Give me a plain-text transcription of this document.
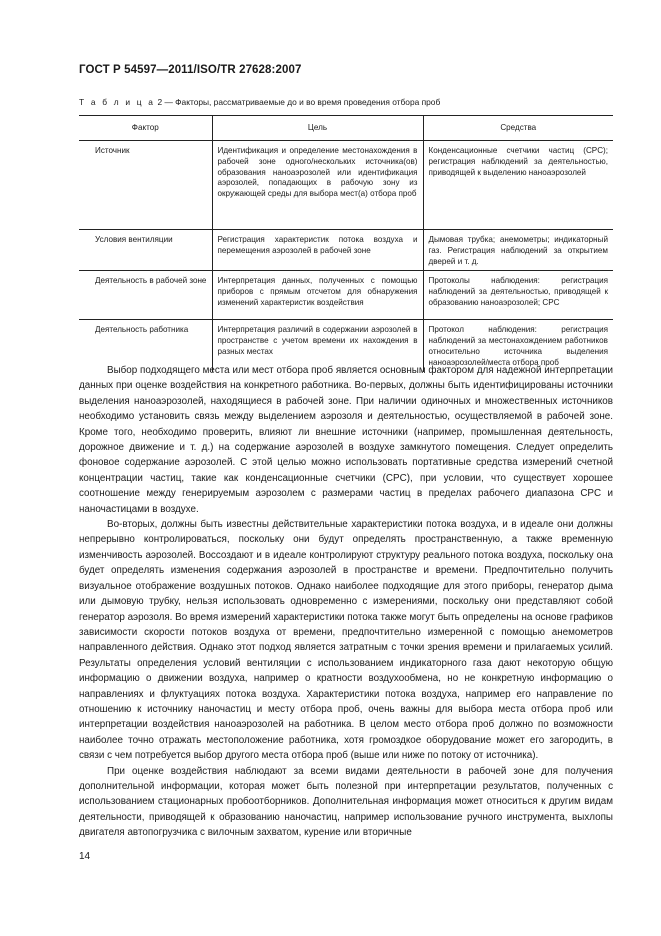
ГОСТ Р 54597—2011/ISO/TR 27628:2007
Т а б л и ц а 2 — Факторы, рассматриваемые до и во время проведения отбора проб
Фактор	Цель	Средства
Источник	Идентификация и определение местонахождения в рабочей зоне одного/нескольких источника(ов) образования наноаэрозолей или идентификация аэрозолей, попадающих в рабочую зону из окружающей среды для выбора мест(а) отбора проб	Конденсационные счетчики частиц (CPC); регистрация наблюдений за деятельностью, приводящей к выделению наноаэрозолей
Условия вентиляции	Регистрация характеристик потока воздуха и перемещения аэрозолей в рабочей зоне	Дымовая трубка; анемометры; индикаторный газ. Регистрация наблюдений за открытием дверей и т. д.
Деятельность в рабочей зоне	Интерпретация данных, полученных с помощью приборов с прямым отсчетом для обнаружения изменений характеристик воздействия	Протоколы наблюдения: регистрация наблюдений за деятельностью, приводящей к образованию наноаэрозолей; CPC
Деятельность работника	Интерпретация различий в содержании аэрозолей в пространстве с учетом времени их нахождения в разных местах	Протокол наблюдения: регистрация наблюдений за местонахождением работников относительно источника выделения наноаэрозолей/места отбора проб

Выбор подходящего места или мест отбора проб является основным фактором для надежной интерпретации данных при оценке воздействия на конкретного работника. Во-первых, должны быть идентифицированы источники выделения наноаэрозолей, находящиеся в рабочей зоне. При наличии одиночных и множественных источников необходимо установить связь между выделением аэрозоля и деятельностью, осуществляемой в рабочей зоне. Кроме того, необходимо проверить, влияют ли внешние источники (например, промышленная деятельность, дорожное движение и т. д.) на содержание аэрозолей в воздухе замкнутого помещения. Следует определить фоновое содержание аэрозолей. С этой целью можно использовать портативные средства измерений счетной концентрации частиц, такие как конденсационные счетчики (CPC), при условии, что существует хорошее соотношение между генерируемым аэрозолем с размерами частиц в пределах рабочего диапазона CPC и наночастицами в воздухе.

Во-вторых, должны быть известны действительные характеристики потока воздуха, и в идеале они должны непрерывно контролироваться, поскольку они будут определять пространственную, а также временную изменчивость аэрозолей. Воссоздают и в идеале контролируют структуру реального потока воздуха, поскольку она будет определять изменения содержания аэрозолей в пространстве и времени. Предпочтительно получить визуальное отображение воздушных потоков. Однако наиболее подходящие для этого приборы, генератор дыма или дымовую трубку, нельзя использовать одновременно с измерениями, поскольку они представляют собой генератор аэрозоля. Во время измерений характеристики потока также могут быть определены на основе графиков зависимости скорости потоков воздуха от времени, предпочтительно измеренной с помощью анемометров направленного действия. Однако этот подход является затратным с точки зрения времени и прилагаемых усилий. Результаты определения условий вентиляции с использованием индикаторного газа дают некоторую общую информацию о движении воздуха, например о кратности воздухообмена, но не конкретную информацию о направлениях и флуктуациях потока воздуха. Характеристики потока воздуха, например его направление по отношению к источнику наночастиц и месту отбора проб, очень важны для выбора места отбора проб или интерпретации воздействия наноаэрозолей на работника. В целом место отбора проб должно по возможности наиболее точно отражать местоположение работника, хотя громоздкое оборудование может его загородить, в связи с чем потребуется выбор другого места отбора проб (выше или ниже по потоку от источника).

При оценке воздействия наблюдают за всеми видами деятельности в рабочей зоне для получения дополнительной информации, которая может быть полезной при интерпретации результатов, полученных с использованием стационарных пробоотборников. Дополнительная информация может относиться к другим видам деятельности, приводящей к образованию наночастиц, например использование ручного инструмента, выхлопы двигателя автопогрузчика с вилочным захватом, курение или вторичные

14
